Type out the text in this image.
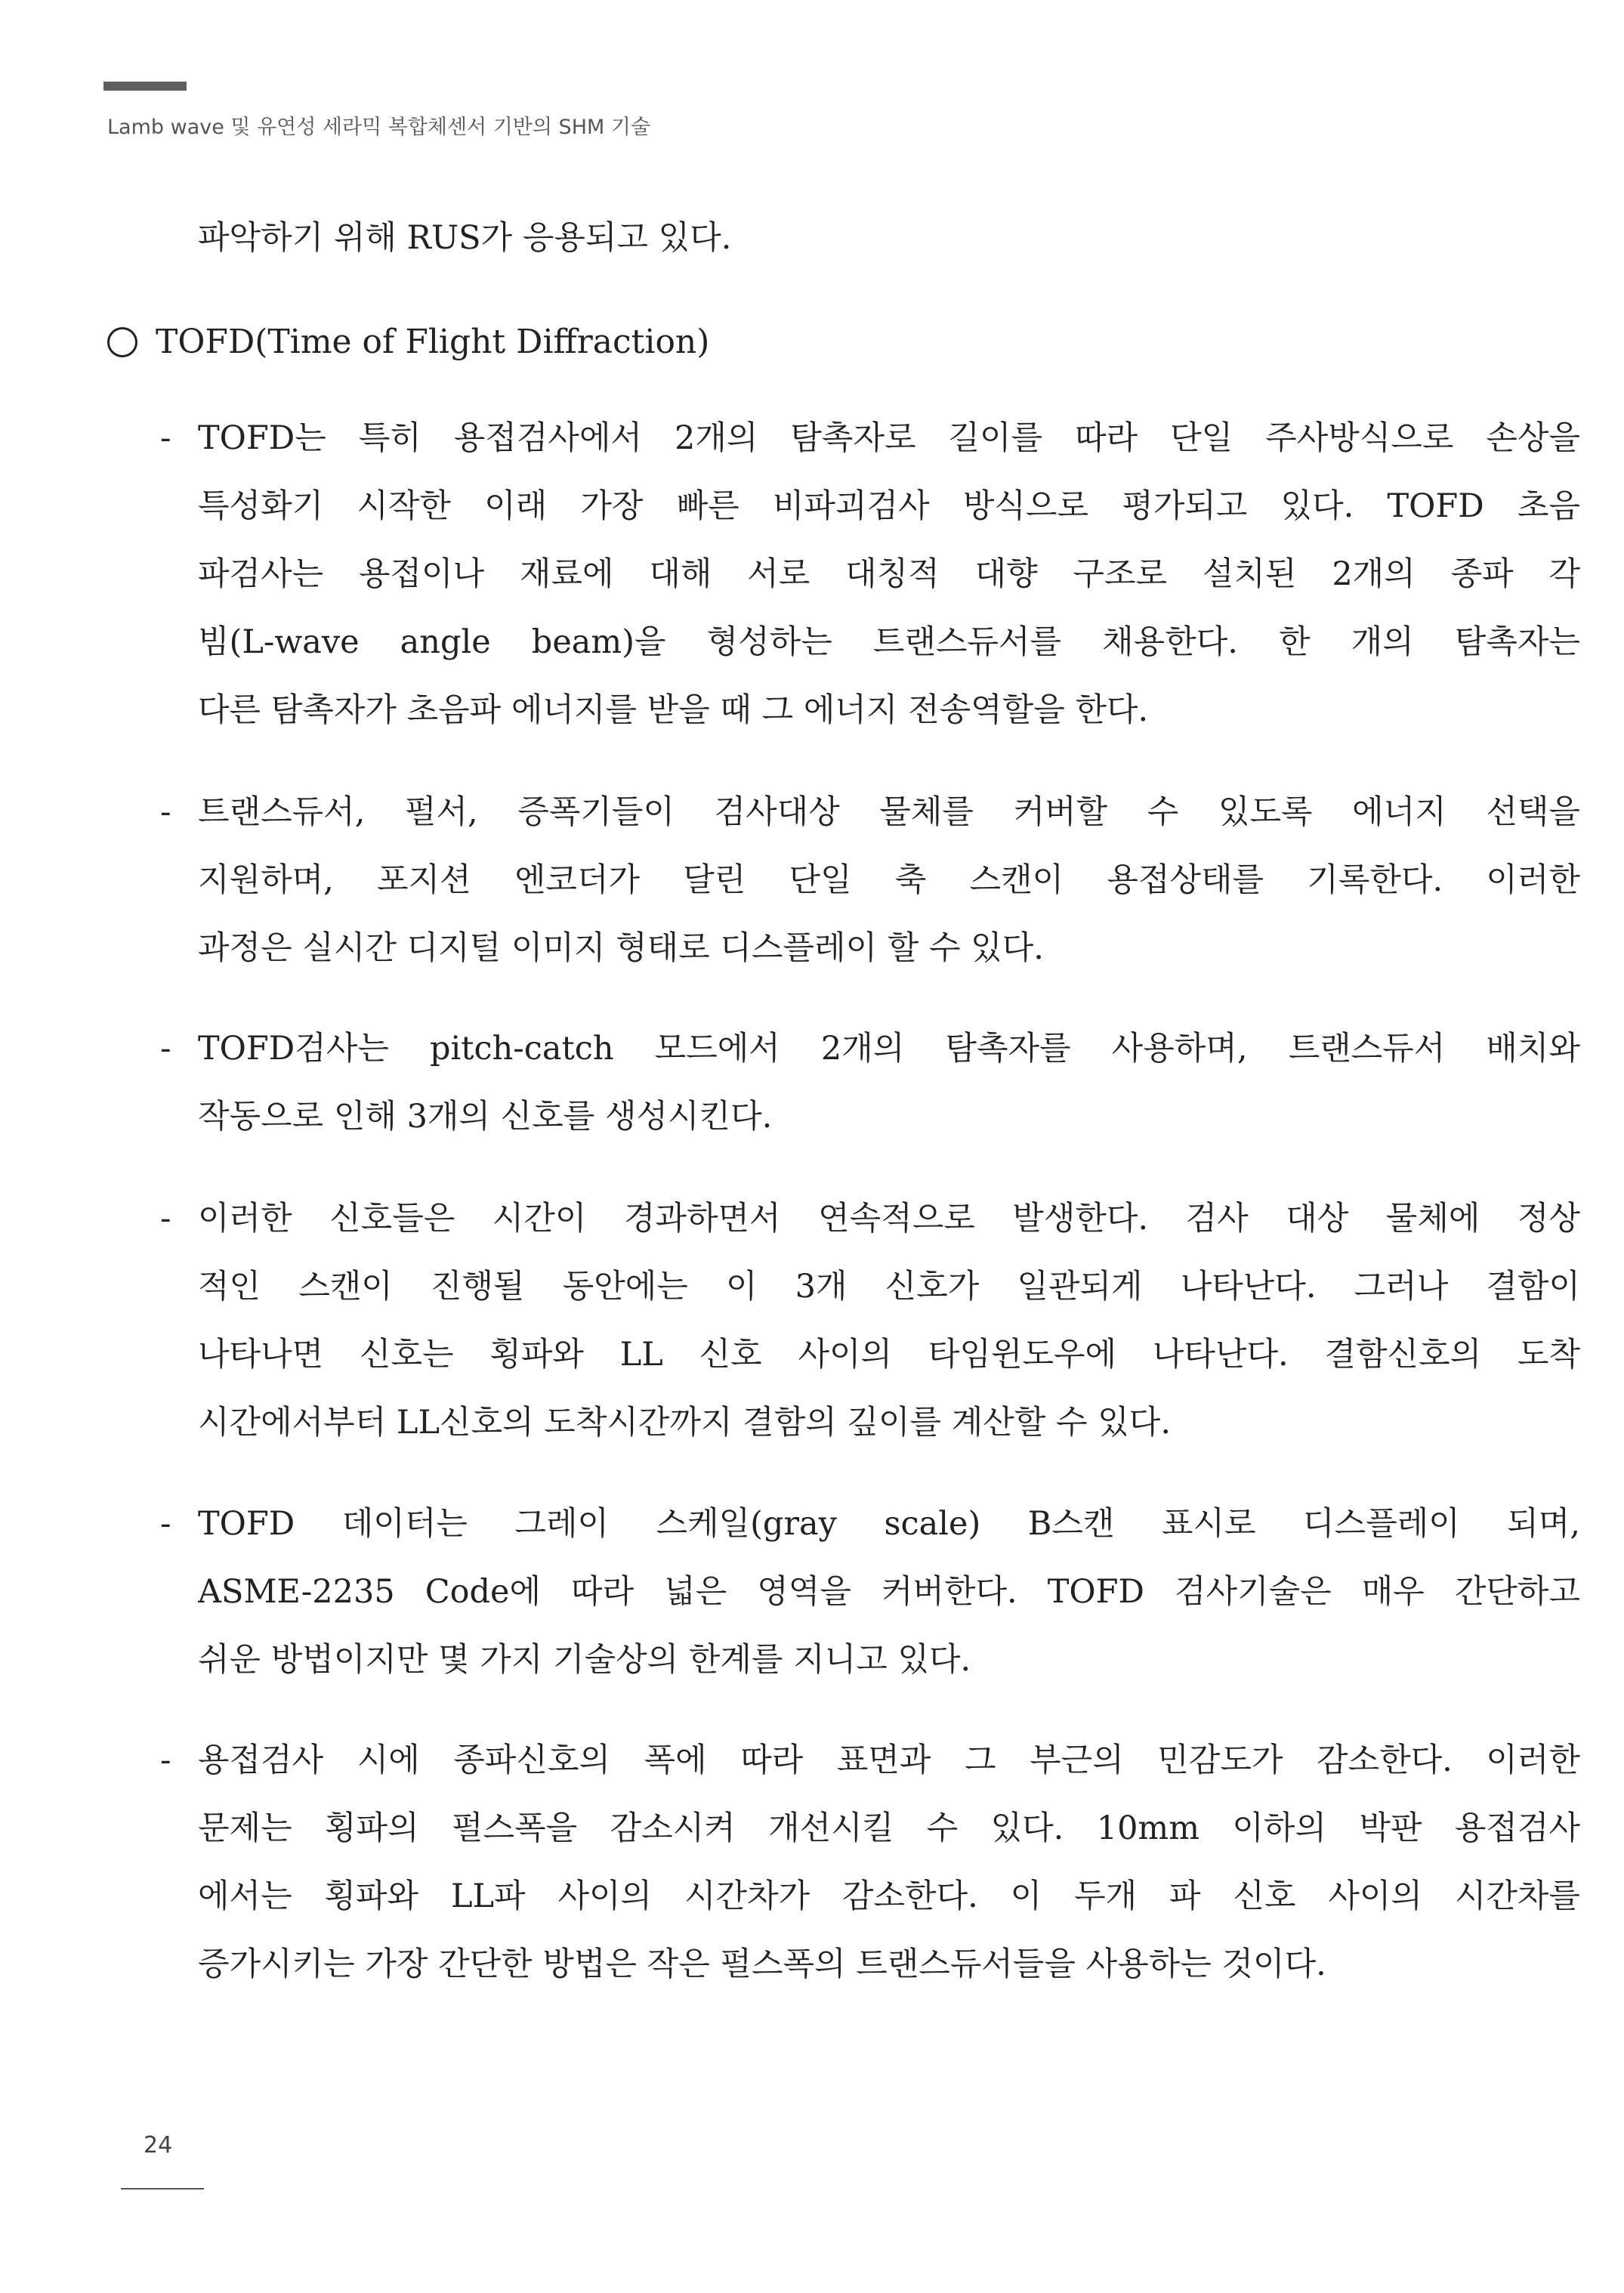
Lamb wave 및 유연성 세라믹 복합체센서 기반의 SHM 기술
파악하기 위해 RUS가 응용되고 있다.
TOFD(Time of Flight Diffraction)
- TOFD는 특히 용접검사에서 2개의 탐촉자로 길이를 따라 단일 주사방식으로 손상을
특성화기 시작한 이래 가장 빠른 비파괴검사 방식으로 평가되고 있다. TOFD 초음
파검사는 용접이나 재료에 대해 서로 대칭적 대향 구조로 설치된 2개의 종파 각
빔(L-wave angle beam)을 형성하는 트랜스듀서를 채용한다. 한 개의 탐촉자는
다른 탐촉자가 초음파 에너지를 받을 때 그 에너지 전송역할을 한다.
- 트랜스듀서, 펄서, 증폭기들이 검사대상 물체를 커버할 수 있도록 에너지 선택을
지원하며, 포지션 엔코더가 달린 단일 축 스캔이 용접상태를 기록한다. 이러한
과정은 실시간 디지털 이미지 형태로 디스플레이 할 수 있다.
- TOFD검사는 pitch-catch 모드에서 2개의 탐촉자를 사용하며, 트랜스듀서 배치와
작동으로 인해 3개의 신호를 생성시킨다.
- 이러한 신호들은 시간이 경과하면서 연속적으로 발생한다. 검사 대상 물체에 정상
적인 스캔이 진행될 동안에는 이 3개 신호가 일관되게 나타난다. 그러나 결함이
나타나면 신호는 횡파와 LL 신호 사이의 타임윈도우에 나타난다. 결함신호의 도착
시간에서부터 LL신호의 도착시간까지 결함의 깊이를 계산할 수 있다.
- TOFD 데이터는 그레이 스케일(gray scale) B스캔 표시로 디스플레이 되며,
ASME-2235 Code에 따라 넓은 영역을 커버한다. TOFD 검사기술은 매우 간단하고
쉬운 방법이지만 몇 가지 기술상의 한계를 지니고 있다.
- 용접검사 시에 종파신호의 폭에 따라 표면과 그 부근의 민감도가 감소한다. 이러한
문제는 횡파의 펄스폭을 감소시켜 개선시킬 수 있다. 10mm 이하의 박판 용접검사
에서는 횡파와 LL파 사이의 시간차가 감소한다. 이 두개 파 신호 사이의 시간차를
증가시키는 가장 간단한 방법은 작은 펄스폭의 트랜스듀서들을 사용하는 것이다.
24
